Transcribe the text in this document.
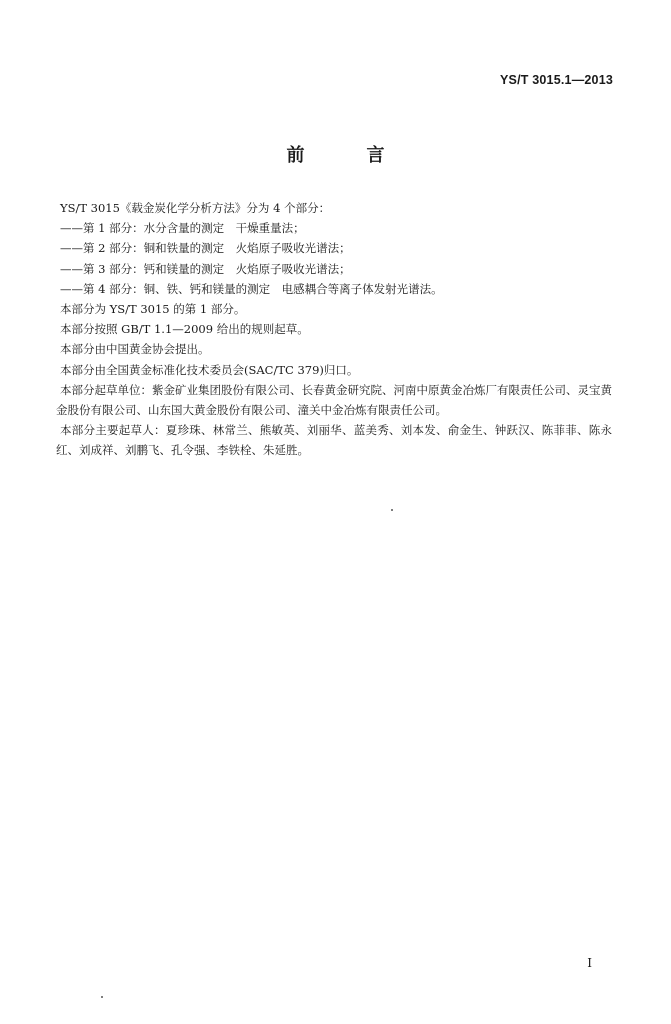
YS/T 3015.1—2013
前　言

YS/T 3015《载金炭化学分析方法》分为 4 个部分：

——第 1 部分：水分含量的测定　干燥重量法；

——第 2 部分：铜和铁量的测定　火焰原子吸收光谱法；

——第 3 部分：钙和镁量的测定　火焰原子吸收光谱法；

——第 4 部分：铜、铁、钙和镁量的测定　电感耦合等离子体发射光谱法。

本部分为 YS/T 3015 的第 1 部分。

本部分按照 GB/T 1.1—2009 给出的规则起草。

本部分由中国黄金协会提出。

本部分由全国黄金标准化技术委员会(SAC/TC 379)归口。

本部分起草单位：紫金矿业集团股份有限公司、长春黄金研究院、河南中原黄金冶炼厂有限责任公司、灵宝黄金股份有限公司、山东国大黄金股份有限公司、潼关中金冶炼有限责任公司。

本部分主要起草人：夏珍珠、林常兰、熊敏英、刘丽华、蓝美秀、刘本发、俞金生、钟跃汉、陈菲菲、陈永红、刘成祥、刘鹏飞、孔令强、李铁栓、朱延胜。

I
